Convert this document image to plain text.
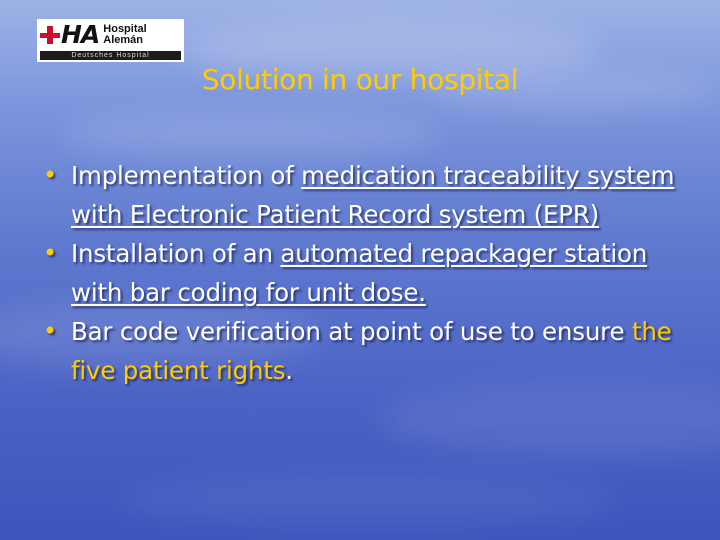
HA Hospital
Alemán
Deutsches Hospital
Solution in our hospital
• Implementation of medication traceability system with Electronic Patient Record system (EPR)
• Installation of an automated repackager station with bar coding for unit dose.
• Bar code verification at point of use to ensure the five patient rights.
